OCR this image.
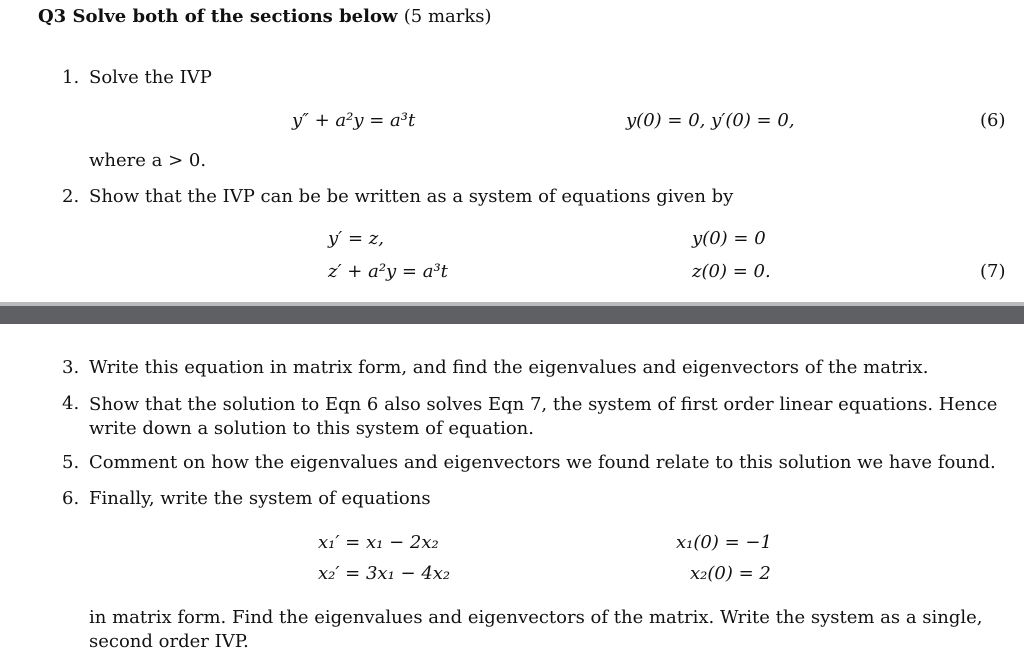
Q3 Solve both of the sections below (5 marks)
1. Solve the IVP
y″ + a²y = a³t	y(0) = 0, y′(0) = 0,	(6)
where a > 0.
2. Show that the IVP can be be written as a system of equations given by
y′ = z,	y(0) = 0
z′ + a²y = a³t	z(0) = 0.	(7)
3. Write this equation in matrix form, and find the eigenvalues and eigenvectors of the matrix.
4. Show that the solution to Eqn 6 also solves Eqn 7, the system of first order linear equations. Hence write down a solution to this system of equation.
5. Comment on how the eigenvalues and eigenvectors we found relate to this solution we have found.
6. Finally, write the system of equations
x₁′ = x₁ − 2x₂	x₁(0) = −1
x₂′ = 3x₁ − 4x₂	x₂(0) = 2
in matrix form. Find the eigenvalues and eigenvectors of the matrix. Write the system as a single, second order IVP.
